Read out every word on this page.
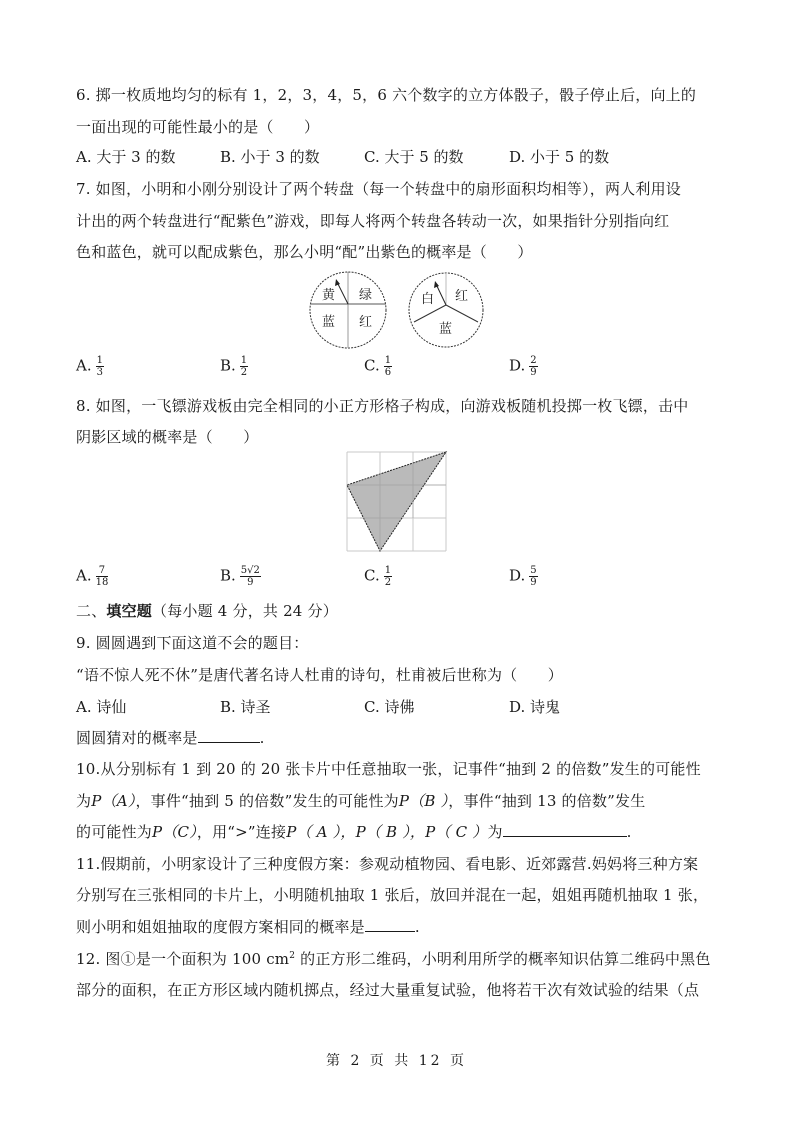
6. 掷一枚质地均匀的标有 1，2，3，4，5，6 六个数字的立方体骰子，骰子停止后，向上的
一面出现的可能性最小的是（　　）
A. 大于 3 的数	B. 小于 3 的数	C. 大于 5 的数	D. 小于 5 的数
7. 如图，小明和小刚分别设计了两个转盘（每一个转盘中的扇形面积均相等），两人利用设
计出的两个转盘进行“配紫色”游戏，即每人将两个转盘各转动一次，如果指针分别指向红
色和蓝色，就可以配成紫色，那么小明“配”出紫色的概率是（　　）
黄 绿
蓝 红
白 红
蓝
A. $\frac{1}{3}$	B. $\frac{1}{2}$	C. $\frac{1}{6}$	D. $\frac{2}{9}$
8. 如图，一飞镖游戏板由完全相同的小正方形格子构成，向游戏板随机投掷一枚飞镖，击中
阴影区域的概率是（　　）
A. $\frac{7}{18}$	B. $\frac{5√2}{9}$	C. $\frac{1}{2}$	D. $\frac{5}{9}$
二、填空题（每小题 4 分，共 24 分）
9. 圆圆遇到下面这道不会的题目：
“语不惊人死不休”是唐代著名诗人杜甫的诗句，杜甫被后世称为（　　）
A. 诗仙	B. 诗圣	C. 诗佛	D. 诗鬼
圆圆猜对的概率是	.
10.从分别标有 1 到 20 的 20 张卡片中任意抽取一张，记事件“抽到 2 的倍数”发生的可能性
为P（A），事件“抽到 5 的倍数”发生的可能性为P（B ），事件“抽到 13 的倍数”发生
的可能性为P（C），用“>”连接P（ A ），P（ B ），P（ C ）为	.
11.假期前，小明家设计了三种度假方案：参观动植物园、看电影、近郊露营.妈妈将三种方案
分别写在三张相同的卡片上，小明随机抽取 1 张后，放回并混在一起，姐姐再随机抽取 1 张，
则小明和姐姐抽取的度假方案相同的概率是	.
12. 图①是一个面积为 100 $cm^2$ 的正方形二维码，小明利用所学的概率知识估算二维码中黑色
部分的面积，在正方形区域内随机掷点，经过大量重复试验，他将若干次有效试验的结果（点
第 2 页 共 12 页
